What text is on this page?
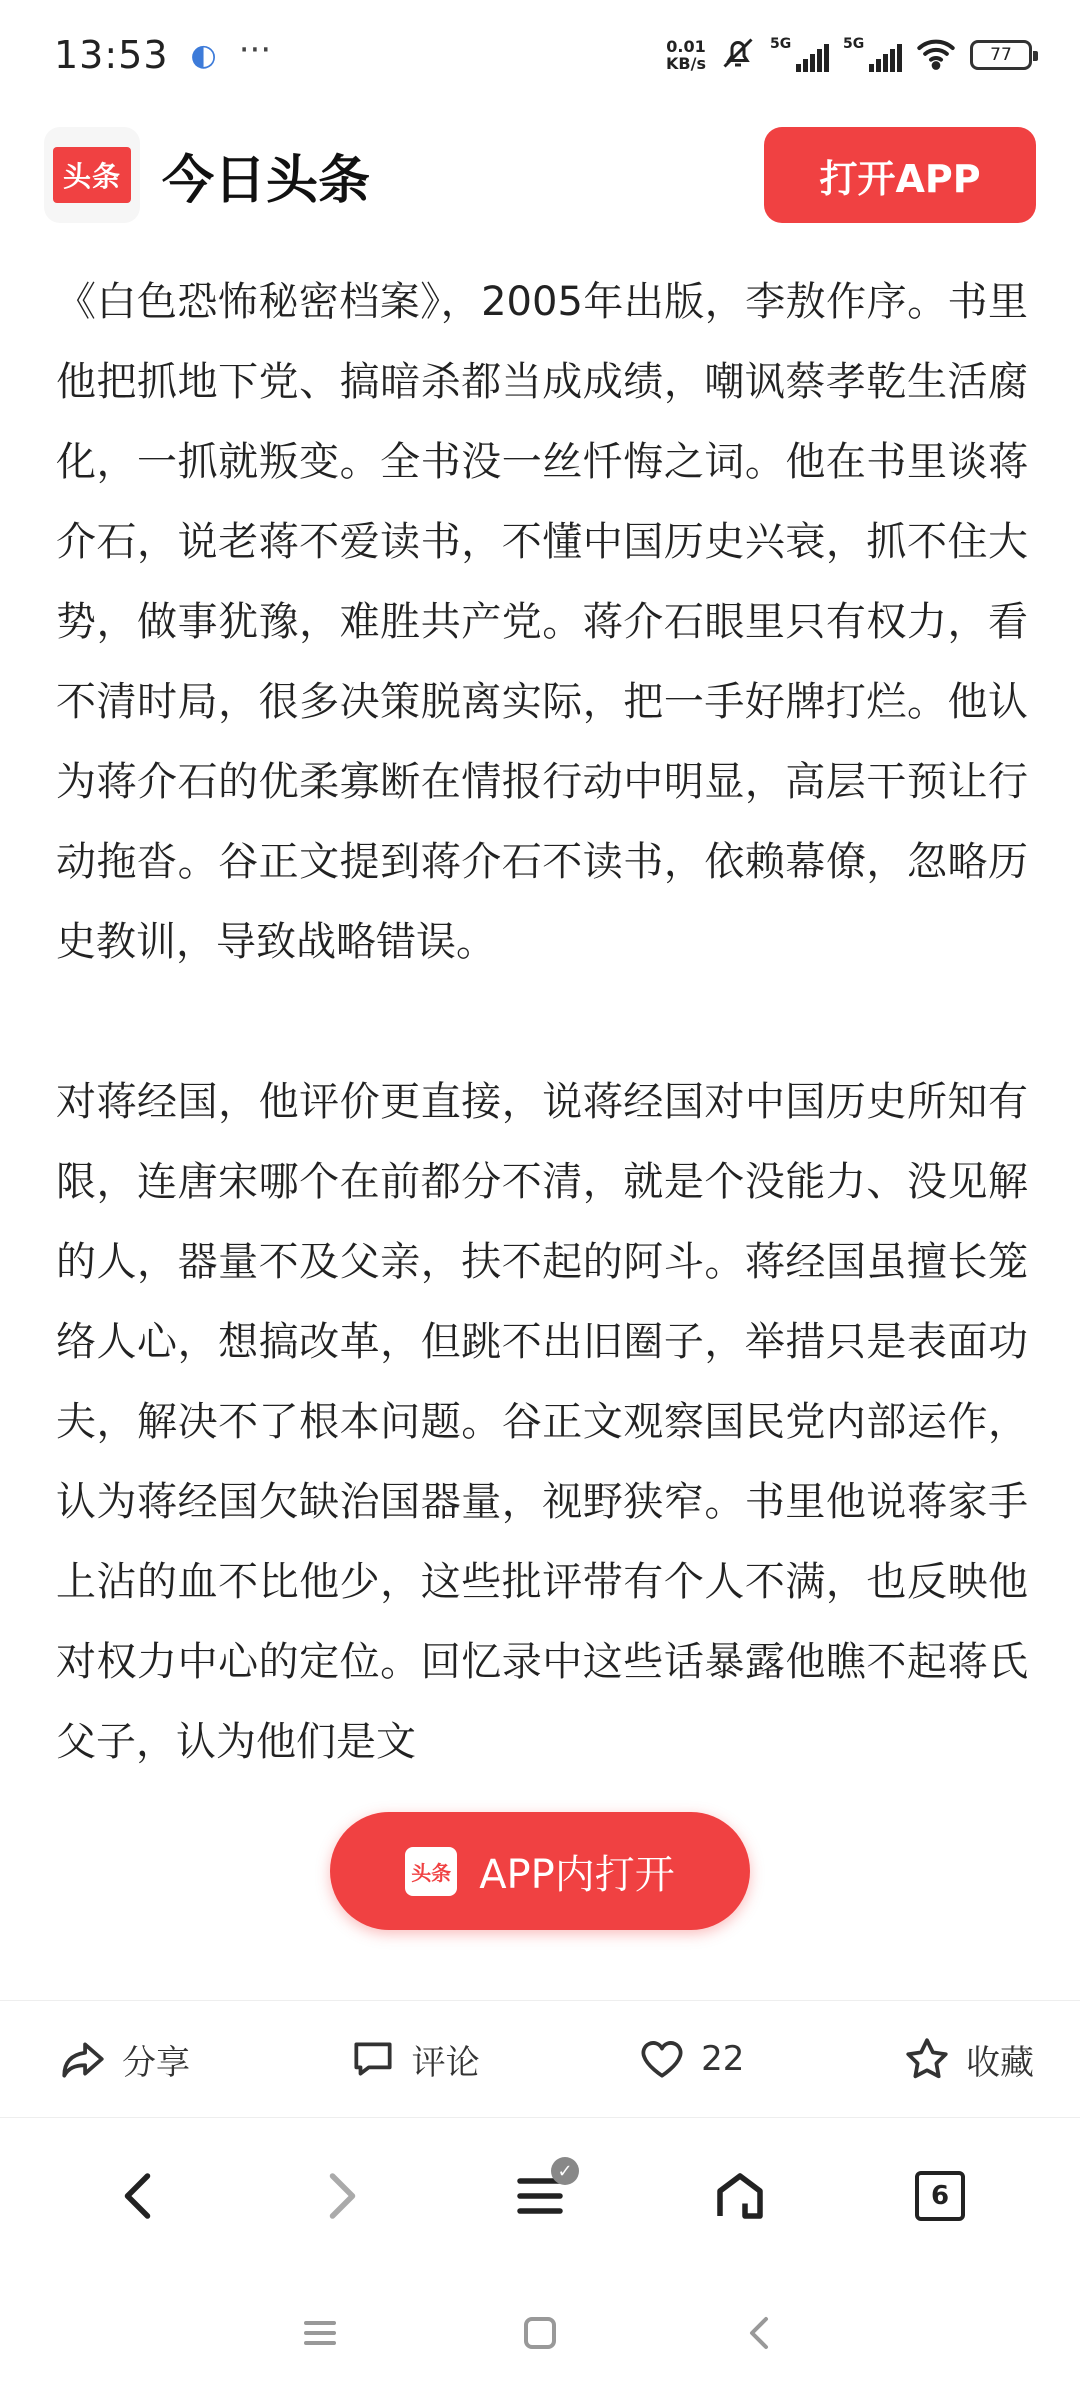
13:53 ◐ ···	0.01
KB/s
5G	5G
77
头条 今日头条	打开APP

《白色恐怖秘密档案》，2005年出版，李敖作序。书里他把抓地下党、搞暗杀都当成成绩，嘲讽蔡孝乾生活腐化，一抓就叛变。全书没一丝忏悔之词。他在书里谈蒋介石，说老蒋不爱读书，不懂中国历史兴衰，抓不住大势，做事犹豫，难胜共产党。蒋介石眼里只有权力，看不清时局，很多决策脱离实际，把一手好牌打烂。他认为蒋介石的优柔寡断在情报行动中明显，高层干预让行动拖沓。谷正文提到蒋介石不读书，依赖幕僚，忽略历史教训，导致战略错误。

对蒋经国，他评价更直接，说蒋经国对中国历史所知有限，连唐宋哪个在前都分不清，就是个没能力、没见解的人，器量不及父亲，扶不起的阿斗。蒋经国虽擅长笼络人心，想搞改革，但跳不出旧圈子，举措只是表面功夫，解决不了根本问题。谷正文观察国民党内部运作，认为蒋经国欠缺治国器量，视野狭窄。书里他说蒋家手上沾的血不比他少，这些批评带有个人不满，也反映他对权力中心的定位。回忆录中这些话暴露他瞧不起蒋氏父子，认为他们是文

头条 APP内打开
分享	评论	22	收藏
✓
6
